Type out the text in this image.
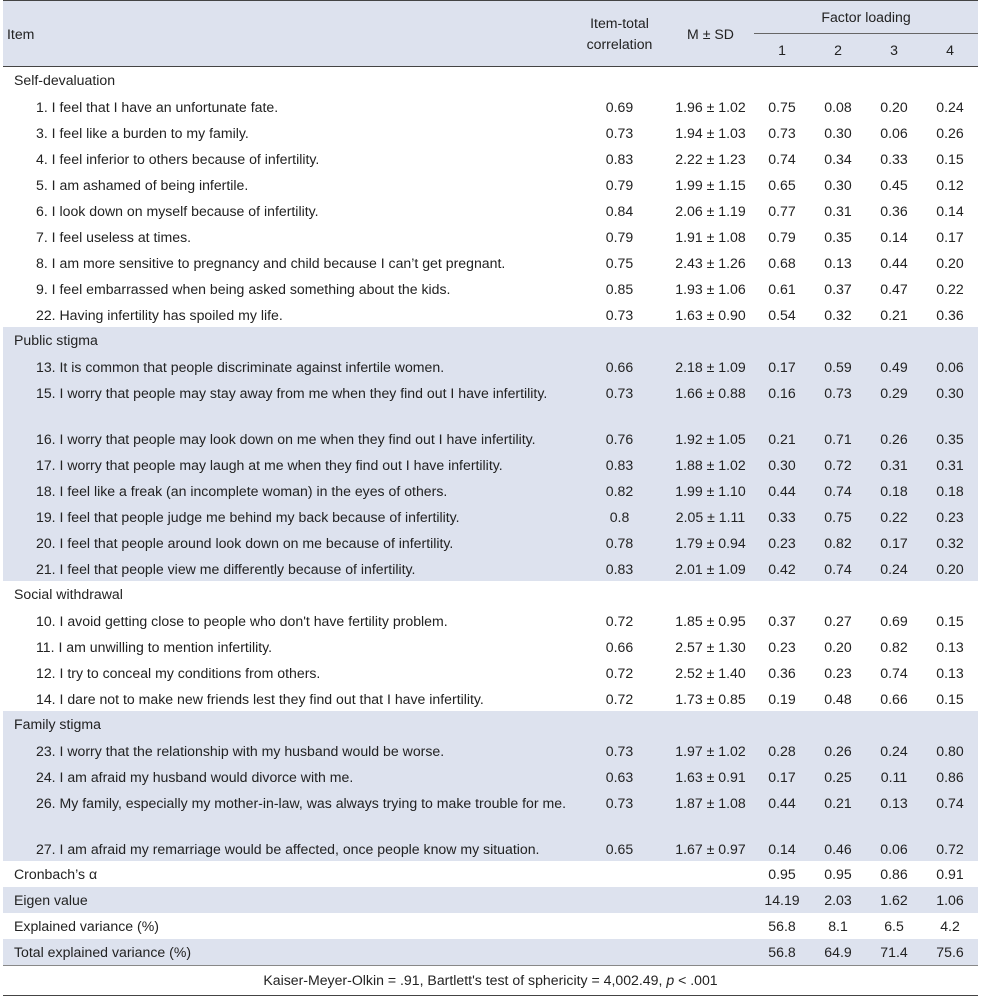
Item	Item-total correlation	M ± SD	Factor loading			
			1	2	3	4
Self-devaluation						
1. I feel that I have an unfortunate fate.	0.69	1.96 ± 1.02	0.75	0.08	0.20	0.24
3. I feel like a burden to my family.	0.73	1.94 ± 1.03	0.73	0.30	0.06	0.26
4. I feel inferior to others because of infertility.	0.83	2.22 ± 1.23	0.74	0.34	0.33	0.15
5. I am ashamed of being infertile.	0.79	1.99 ± 1.15	0.65	0.30	0.45	0.12
6. I look down on myself because of infertility.	0.84	2.06 ± 1.19	0.77	0.31	0.36	0.14
7. I feel useless at times.	0.79	1.91 ± 1.08	0.79	0.35	0.14	0.17
8. I am more sensitive to pregnancy and child because I can’t get pregnant.	0.75	2.43 ± 1.26	0.68	0.13	0.44	0.20
9. I feel embarrassed when being asked something about the kids.	0.85	1.93 ± 1.06	0.61	0.37	0.47	0.22
22. Having infertility has spoiled my life.	0.73	1.63 ± 0.90	0.54	0.32	0.21	0.36
Public stigma						
13. It is common that people discriminate against infertile women.	0.66	2.18 ± 1.09	0.17	0.59	0.49	0.06
15. I worry that people may stay away from me when they find out I have infertility.	0.73	1.66 ± 0.88	0.16	0.73	0.29	0.30
16. I worry that people may look down on me when they find out I have infertility.	0.76	1.92 ± 1.05	0.21	0.71	0.26	0.35
17. I worry that people may laugh at me when they find out I have infertility.	0.83	1.88 ± 1.02	0.30	0.72	0.31	0.31
18. I feel like a freak (an incomplete woman) in the eyes of others.	0.82	1.99 ± 1.10	0.44	0.74	0.18	0.18
19. I feel that people judge me behind my back because of infertility.	0.8	2.05 ± 1.11	0.33	0.75	0.22	0.23
20. I feel that people around look down on me because of infertility.	0.78	1.79 ± 0.94	0.23	0.82	0.17	0.32
21. I feel that people view me differently because of infertility.	0.83	2.01 ± 1.09	0.42	0.74	0.24	0.20
Social withdrawal						
10. I avoid getting close to people who don't have fertility problem.	0.72	1.85 ± 0.95	0.37	0.27	0.69	0.15
11. I am unwilling to mention infertility.	0.66	2.57 ± 1.30	0.23	0.20	0.82	0.13
12. I try to conceal my conditions from others.	0.72	2.52 ± 1.40	0.36	0.23	0.74	0.13
14. I dare not to make new friends lest they find out that I have infertility.	0.72	1.73 ± 0.85	0.19	0.48	0.66	0.15
Family stigma						
23. I worry that the relationship with my husband would be worse.	0.73	1.97 ± 1.02	0.28	0.26	0.24	0.80
24. I am afraid my husband would divorce with me.	0.63	1.63 ± 0.91	0.17	0.25	0.11	0.86
26. My family, especially my mother-in-law, was always trying to make trouble for me.	0.73	1.87 ± 1.08	0.44	0.21	0.13	0.74
27. I am afraid my remarriage would be affected, once people know my situation.	0.65	1.67 ± 0.97	0.14	0.46	0.06	0.72
Cronbach’s α			0.95	0.95	0.86	0.91
Eigen value			14.19	2.03	1.62	1.06
Explained variance (%)			56.8	8.1	6.5	4.2
Total explained variance (%)			56.8	64.9	71.4	75.6
Kaiser-Meyer-Olkin = .91, Bartlett's test of sphericity = 4,002.49, p < .001						
